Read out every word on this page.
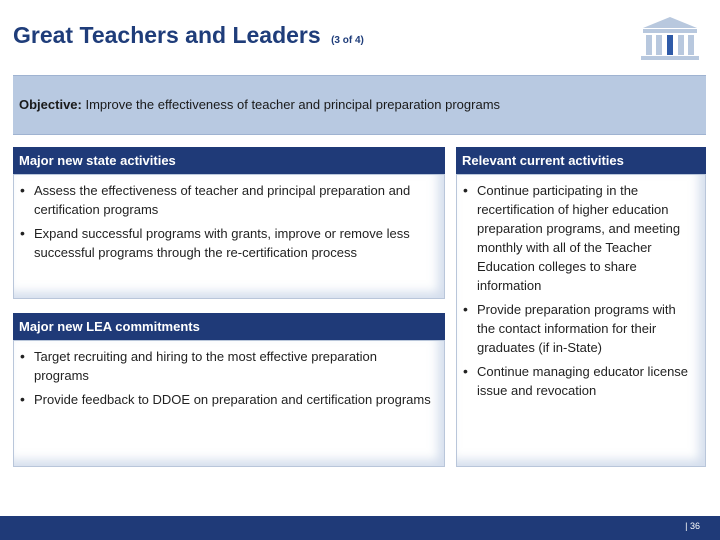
Great Teachers and Leaders (3 of 4)
Objective: Improve the effectiveness of teacher and principal preparation programs
Major new state activities
• Assess the effectiveness of teacher and principal preparation and certification programs
• Expand successful programs with grants, improve or remove less successful programs through the re-certification process
Major new LEA commitments
• Target recruiting and hiring to the most effective preparation programs
• Provide feedback to DDOE on preparation and certification programs
Relevant current activities
• Continue participating in the recertification of higher education preparation programs, and meeting monthly with all of the Teacher Education colleges to share information
• Provide preparation programs with the contact information for their graduates (if in-State)
• Continue managing educator license issue and revocation
| 36
